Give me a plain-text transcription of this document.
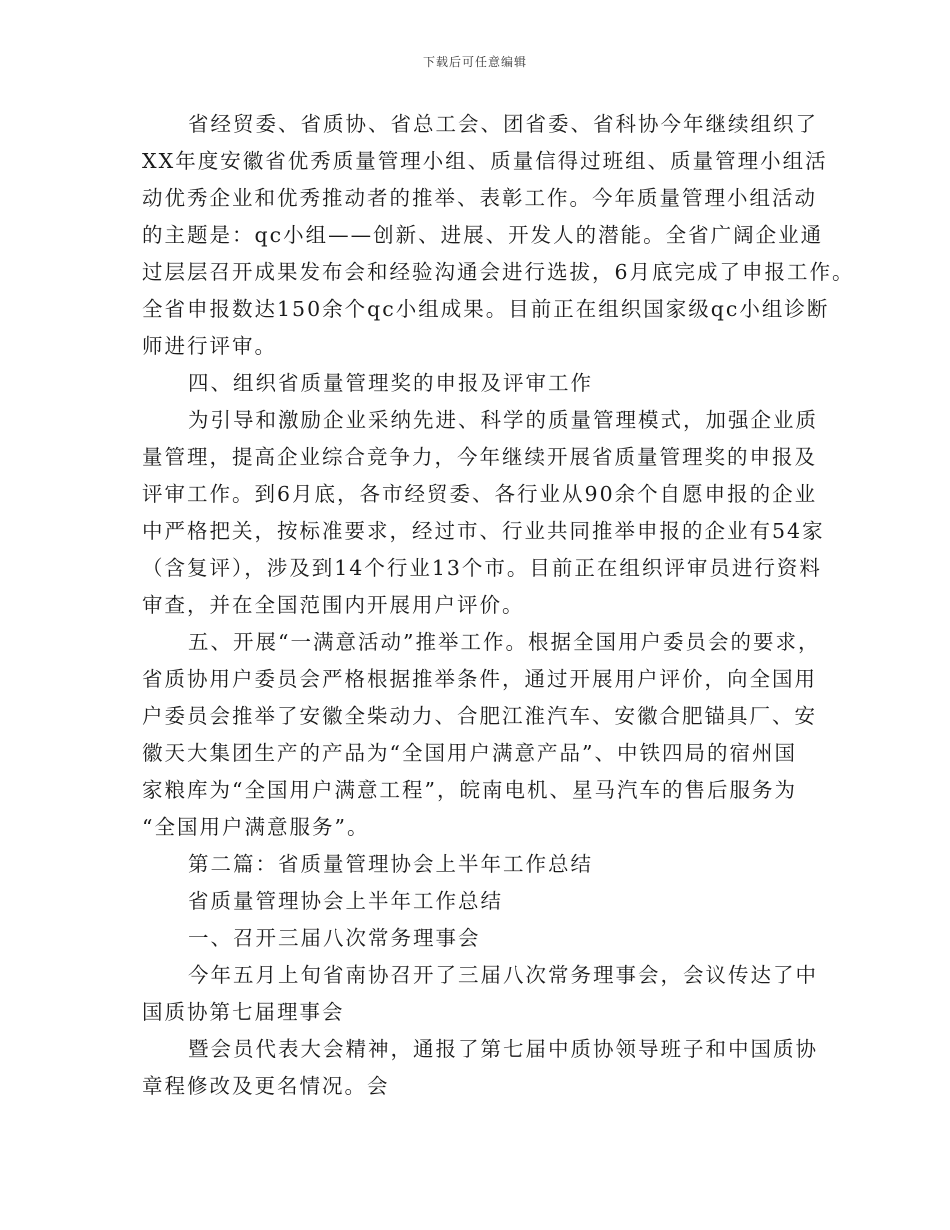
下载后可任意编辑
省经贸委、省质协、省总工会、团省委、省科协今年继续组织了
XX年度安徽省优秀质量管理小组、质量信得过班组、质量管理小组活
动优秀企业和优秀推动者的推举、表彰工作。今年质量管理小组活动
的主题是：qc小组——创新、进展、开发人的潜能。全省广阔企业通
过层层召开成果发布会和经验沟通会进行选拔，6月底完成了申报工作。
全省申报数达150余个qc小组成果。目前正在组织国家级qc小组诊断
师进行评审。
四、组织省质量管理奖的申报及评审工作
为引导和激励企业采纳先进、科学的质量管理模式，加强企业质
量管理，提高企业综合竞争力，今年继续开展省质量管理奖的申报及
评审工作。到6月底，各市经贸委、各行业从90余个自愿申报的企业
中严格把关，按标准要求，经过市、行业共同推举申报的企业有54家
（含复评），涉及到14个行业13个市。目前正在组织评审员进行资料
审查，并在全国范围内开展用户评价。
五、开展“一满意活动”推举工作。根据全国用户委员会的要求，
省质协用户委员会严格根据推举条件，通过开展用户评价，向全国用
户委员会推举了安徽全柴动力、合肥江淮汽车、安徽合肥锚具厂、安
徽天大集团生产的产品为“全国用户满意产品”、中铁四局的宿州国
家粮库为“全国用户满意工程”，皖南电机、星马汽车的售后服务为
“全国用户满意服务”。
第二篇：省质量管理协会上半年工作总结
省质量管理协会上半年工作总结
一、召开三届八次常务理事会
今年五月上旬省南协召开了三届八次常务理事会，会议传达了中
国质协第七届理事会
暨会员代表大会精神，通报了第七届中质协领导班子和中国质协
章程修改及更名情况。会
